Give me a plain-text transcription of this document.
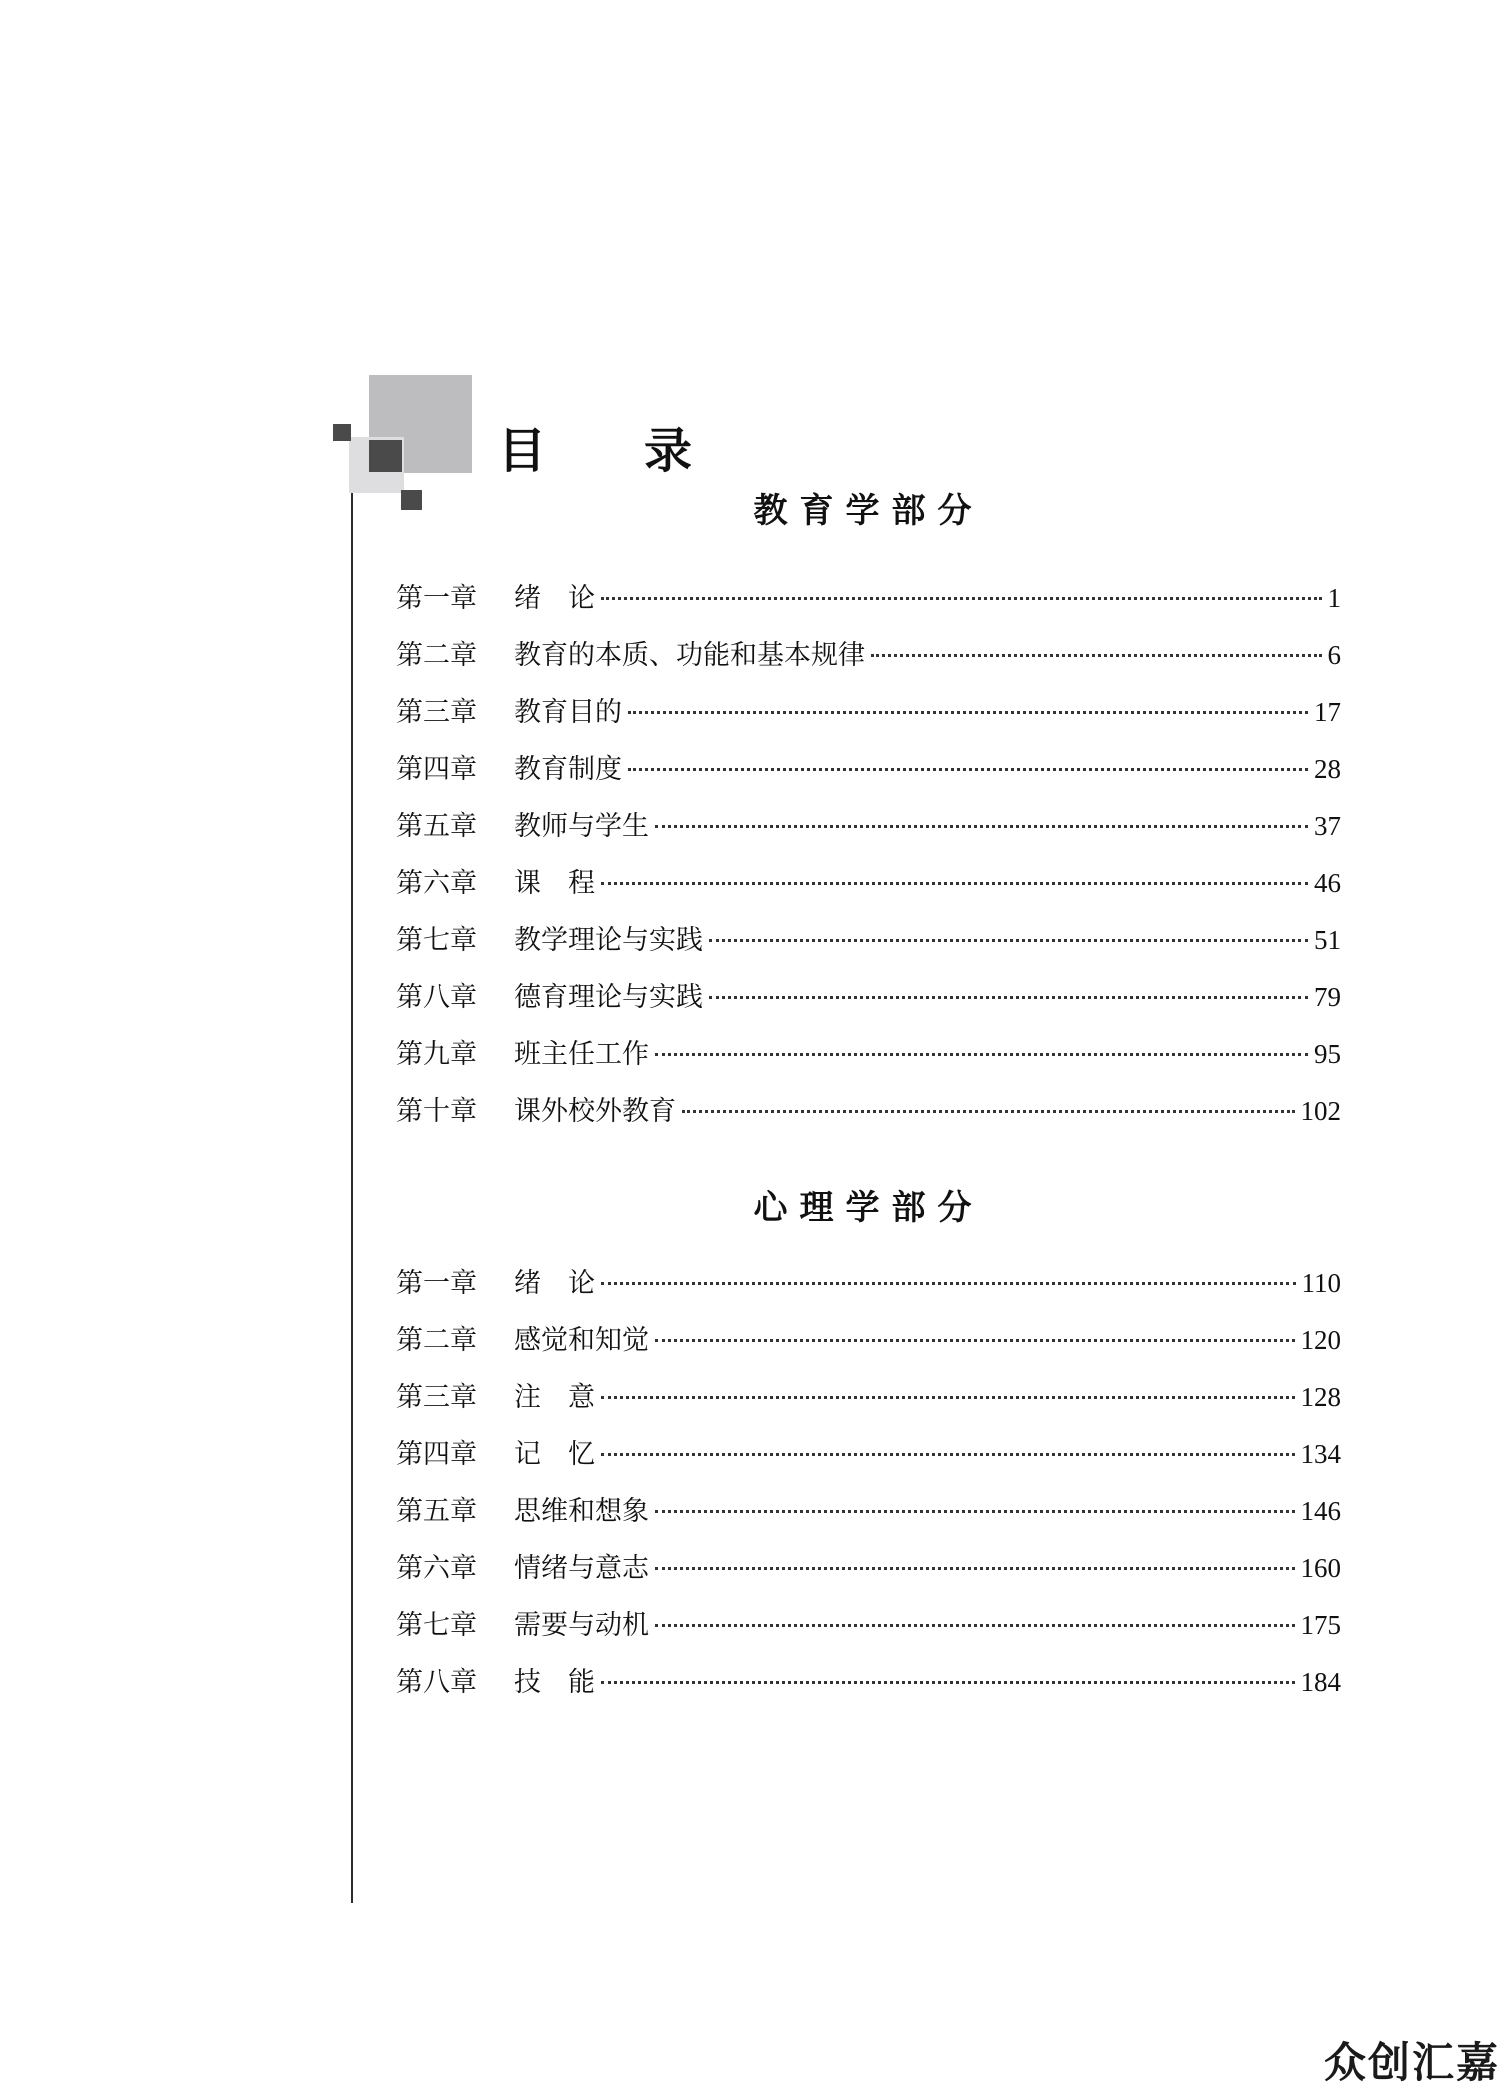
目 录
教育学部分
第一章	绪　论	1
第二章	教育的本质、功能和基本规律	6
第三章	教育目的	17
第四章	教育制度	28
第五章	教师与学生	37
第六章	课　程	46
第七章	教学理论与实践	51
第八章	德育理论与实践	79
第九章	班主任工作	95
第十章	课外校外教育	102
心理学部分
第一章	绪　论	110
第二章	感觉和知觉	120
第三章	注　意	128
第四章	记　忆	134
第五章	思维和想象	146
第六章	情绪与意志	160
第七章	需要与动机	175
第八章	技　能	184
众创汇嘉
